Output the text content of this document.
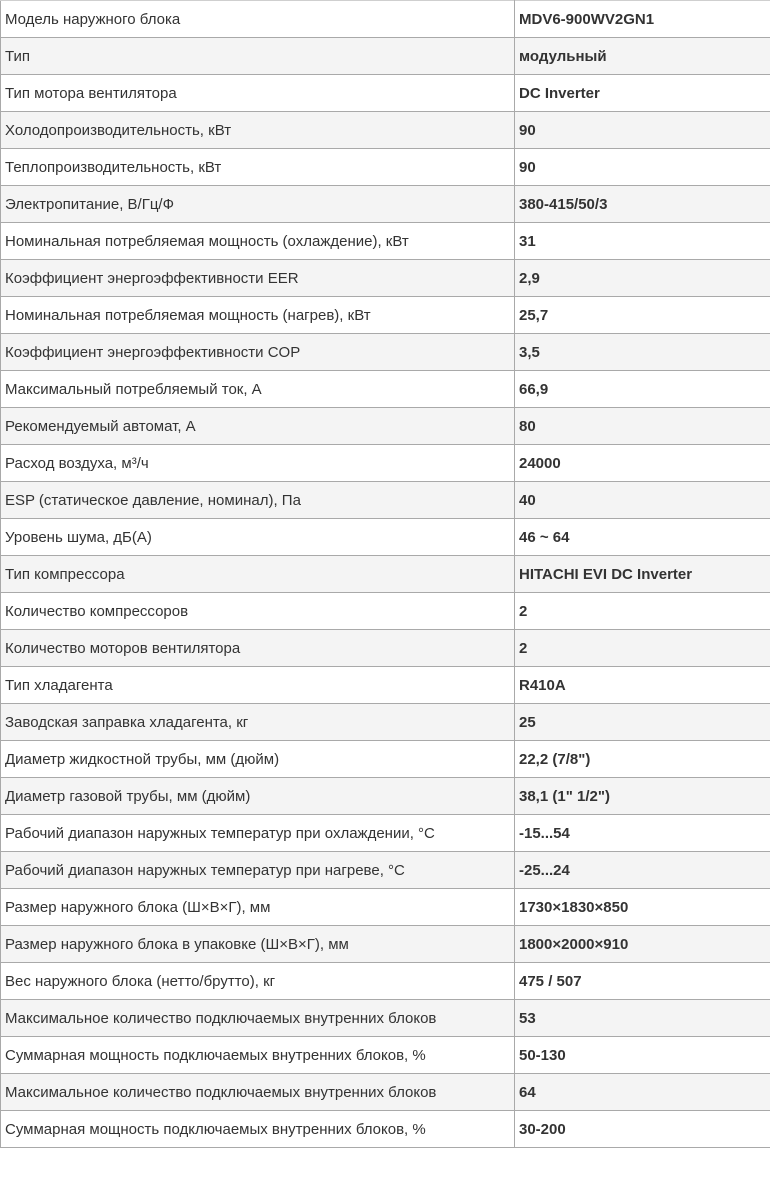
Модель наружного блока	MDV6-900WV2GN1
Тип	модульный
Тип мотора вентилятора	DC Inverter
Холодопроизводительность, кВт	90
Теплопроизводительность, кВт	90
Электропитание, В/Гц/Ф	380-415/50/3
Номинальная потребляемая мощность (охлаждение), кВт	31
Коэффициент энергоэффективности EER	2,9
Номинальная потребляемая мощность (нагрев), кВт	25,7
Коэффициент энергоэффективности COP	3,5
Максимальный потребляемый ток, А	66,9
Рекомендуемый автомат, А	80
Расход воздуха, м³/ч	24000
ESP (статическое давление, номинал), Па	40
Уровень шума, дБ(А)	46 ~ 64
Тип компрессора	HITACHI EVI DC Inverter
Количество компрессоров	2
Количество моторов вентилятора	2
Тип хладагента	R410A
Заводская заправка хладагента, кг	25
Диаметр жидкостной трубы, мм (дюйм)	22,2 (7/8")
Диаметр газовой трубы, мм (дюйм)	38,1 (1" 1/2")
Рабочий диапазон наружных температур при охлаждении, °C	-15...54
Рабочий диапазон наружных температур при нагреве, °C	-25...24
Размер наружного блока (Ш×В×Г), мм	1730×1830×850
Размер наружного блока в упаковке (Ш×В×Г), мм	1800×2000×910
Вес наружного блока (нетто/брутто), кг	475 / 507
Максимальное количество подключаемых внутренних блоков	53
Суммарная мощность подключаемых внутренних блоков, %	50-130
Максимальное количество подключаемых внутренних блоков	64
Суммарная мощность подключаемых внутренних блоков, %	30-200
